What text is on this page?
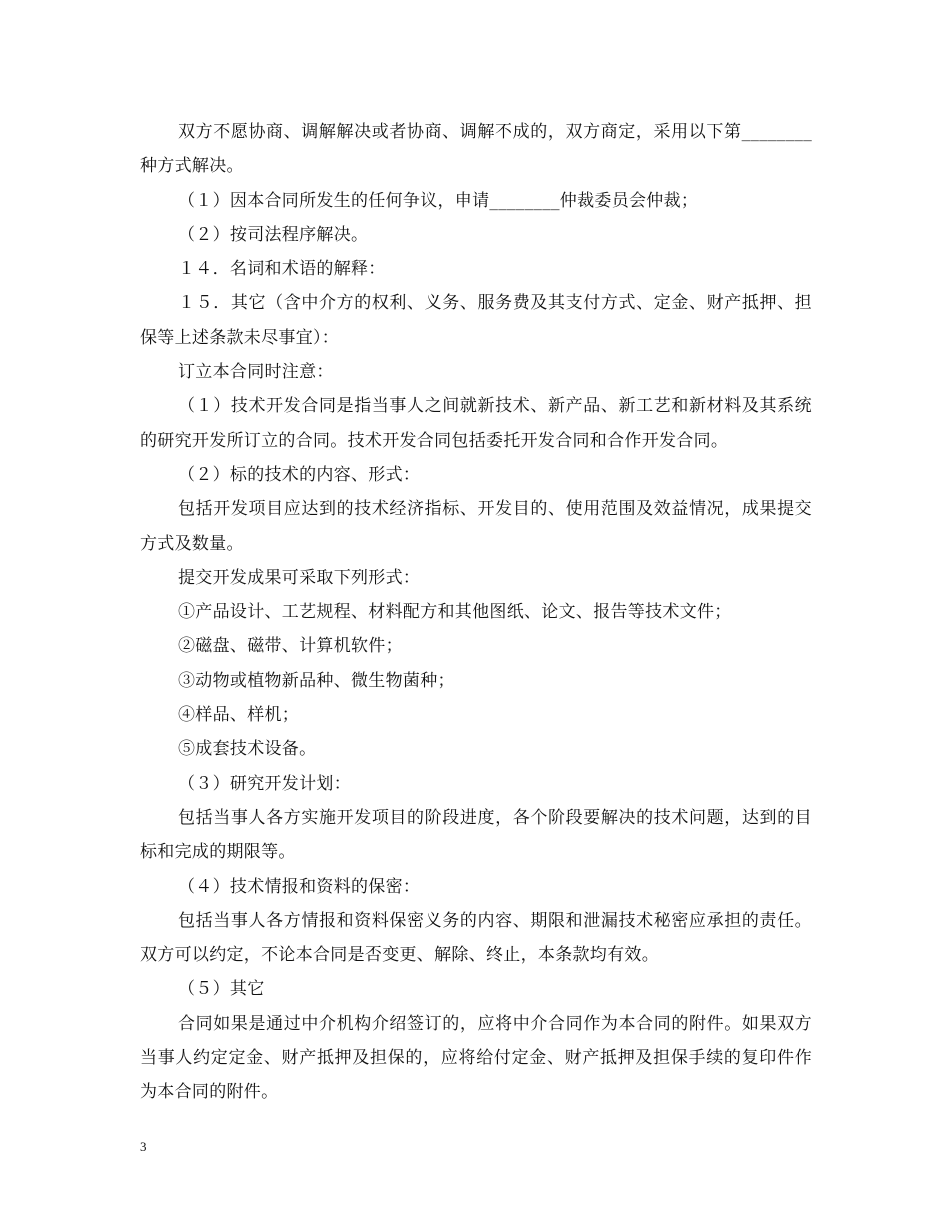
双方不愿协商、调解解决或者协商、调解不成的，双方商定，采用以下第________种方式解决。

（１）因本合同所发生的任何争议，申请________仲裁委员会仲裁；

（２）按司法程序解决。

１４．名词和术语的解释：

１５．其它（含中介方的权利、义务、服务费及其支付方式、定金、财产抵押、担保等上述条款未尽事宜）：

订立本合同时注意：

（１）技术开发合同是指当事人之间就新技术、新产品、新工艺和新材料及其系统的研究开发所订立的合同。技术开发合同包括委托开发合同和合作开发合同。

（２）标的技术的内容、形式：

包括开发项目应达到的技术经济指标、开发目的、使用范围及效益情况，成果提交方式及数量。

提交开发成果可采取下列形式：

①产品设计、工艺规程、材料配方和其他图纸、论文、报告等技术文件；

②磁盘、磁带、计算机软件；

③动物或植物新品种、微生物菌种；

④样品、样机；

⑤成套技术设备。

（３）研究开发计划：

包括当事人各方实施开发项目的阶段进度，各个阶段要解决的技术问题，达到的目标和完成的期限等。

（４）技术情报和资料的保密：

包括当事人各方情报和资料保密义务的内容、期限和泄漏技术秘密应承担的责任。双方可以约定，不论本合同是否变更、解除、终止，本条款均有效。

（５）其它

合同如果是通过中介机构介绍签订的，应将中介合同作为本合同的附件。如果双方当事人约定定金、财产抵押及担保的，应将给付定金、财产抵押及担保手续的复印件作为本合同的附件。

3
